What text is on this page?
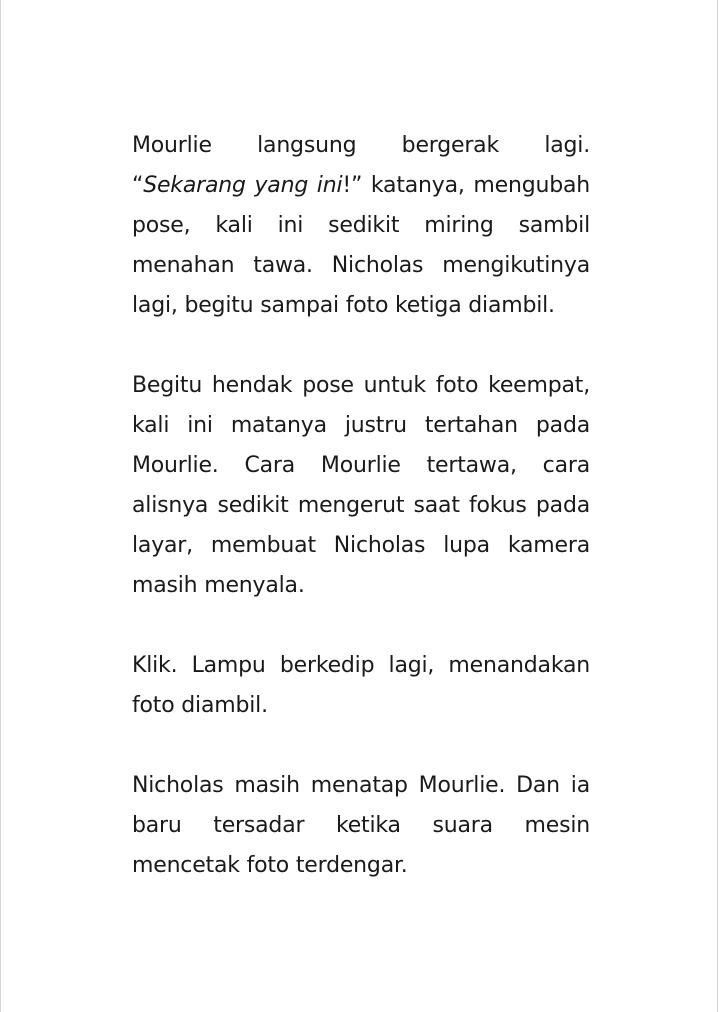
Mourlie langsung bergerak lagi. “Sekarang yang ini!” katanya, mengubah pose, kali ini sedikit miring sambil menahan tawa. Nicholas mengikutinya lagi, begitu sampai foto ketiga diambil.

Begitu hendak pose untuk foto keempat, kali ini matanya justru tertahan pada Mourlie. Cara Mourlie tertawa, cara alisnya sedikit mengerut saat fokus pada layar, membuat Nicholas lupa kamera masih menyala.

Klik. Lampu berkedip lagi, menandakan foto diambil.

Nicholas masih menatap Mourlie. Dan ia baru tersadar ketika suara mesin mencetak foto terdengar.
